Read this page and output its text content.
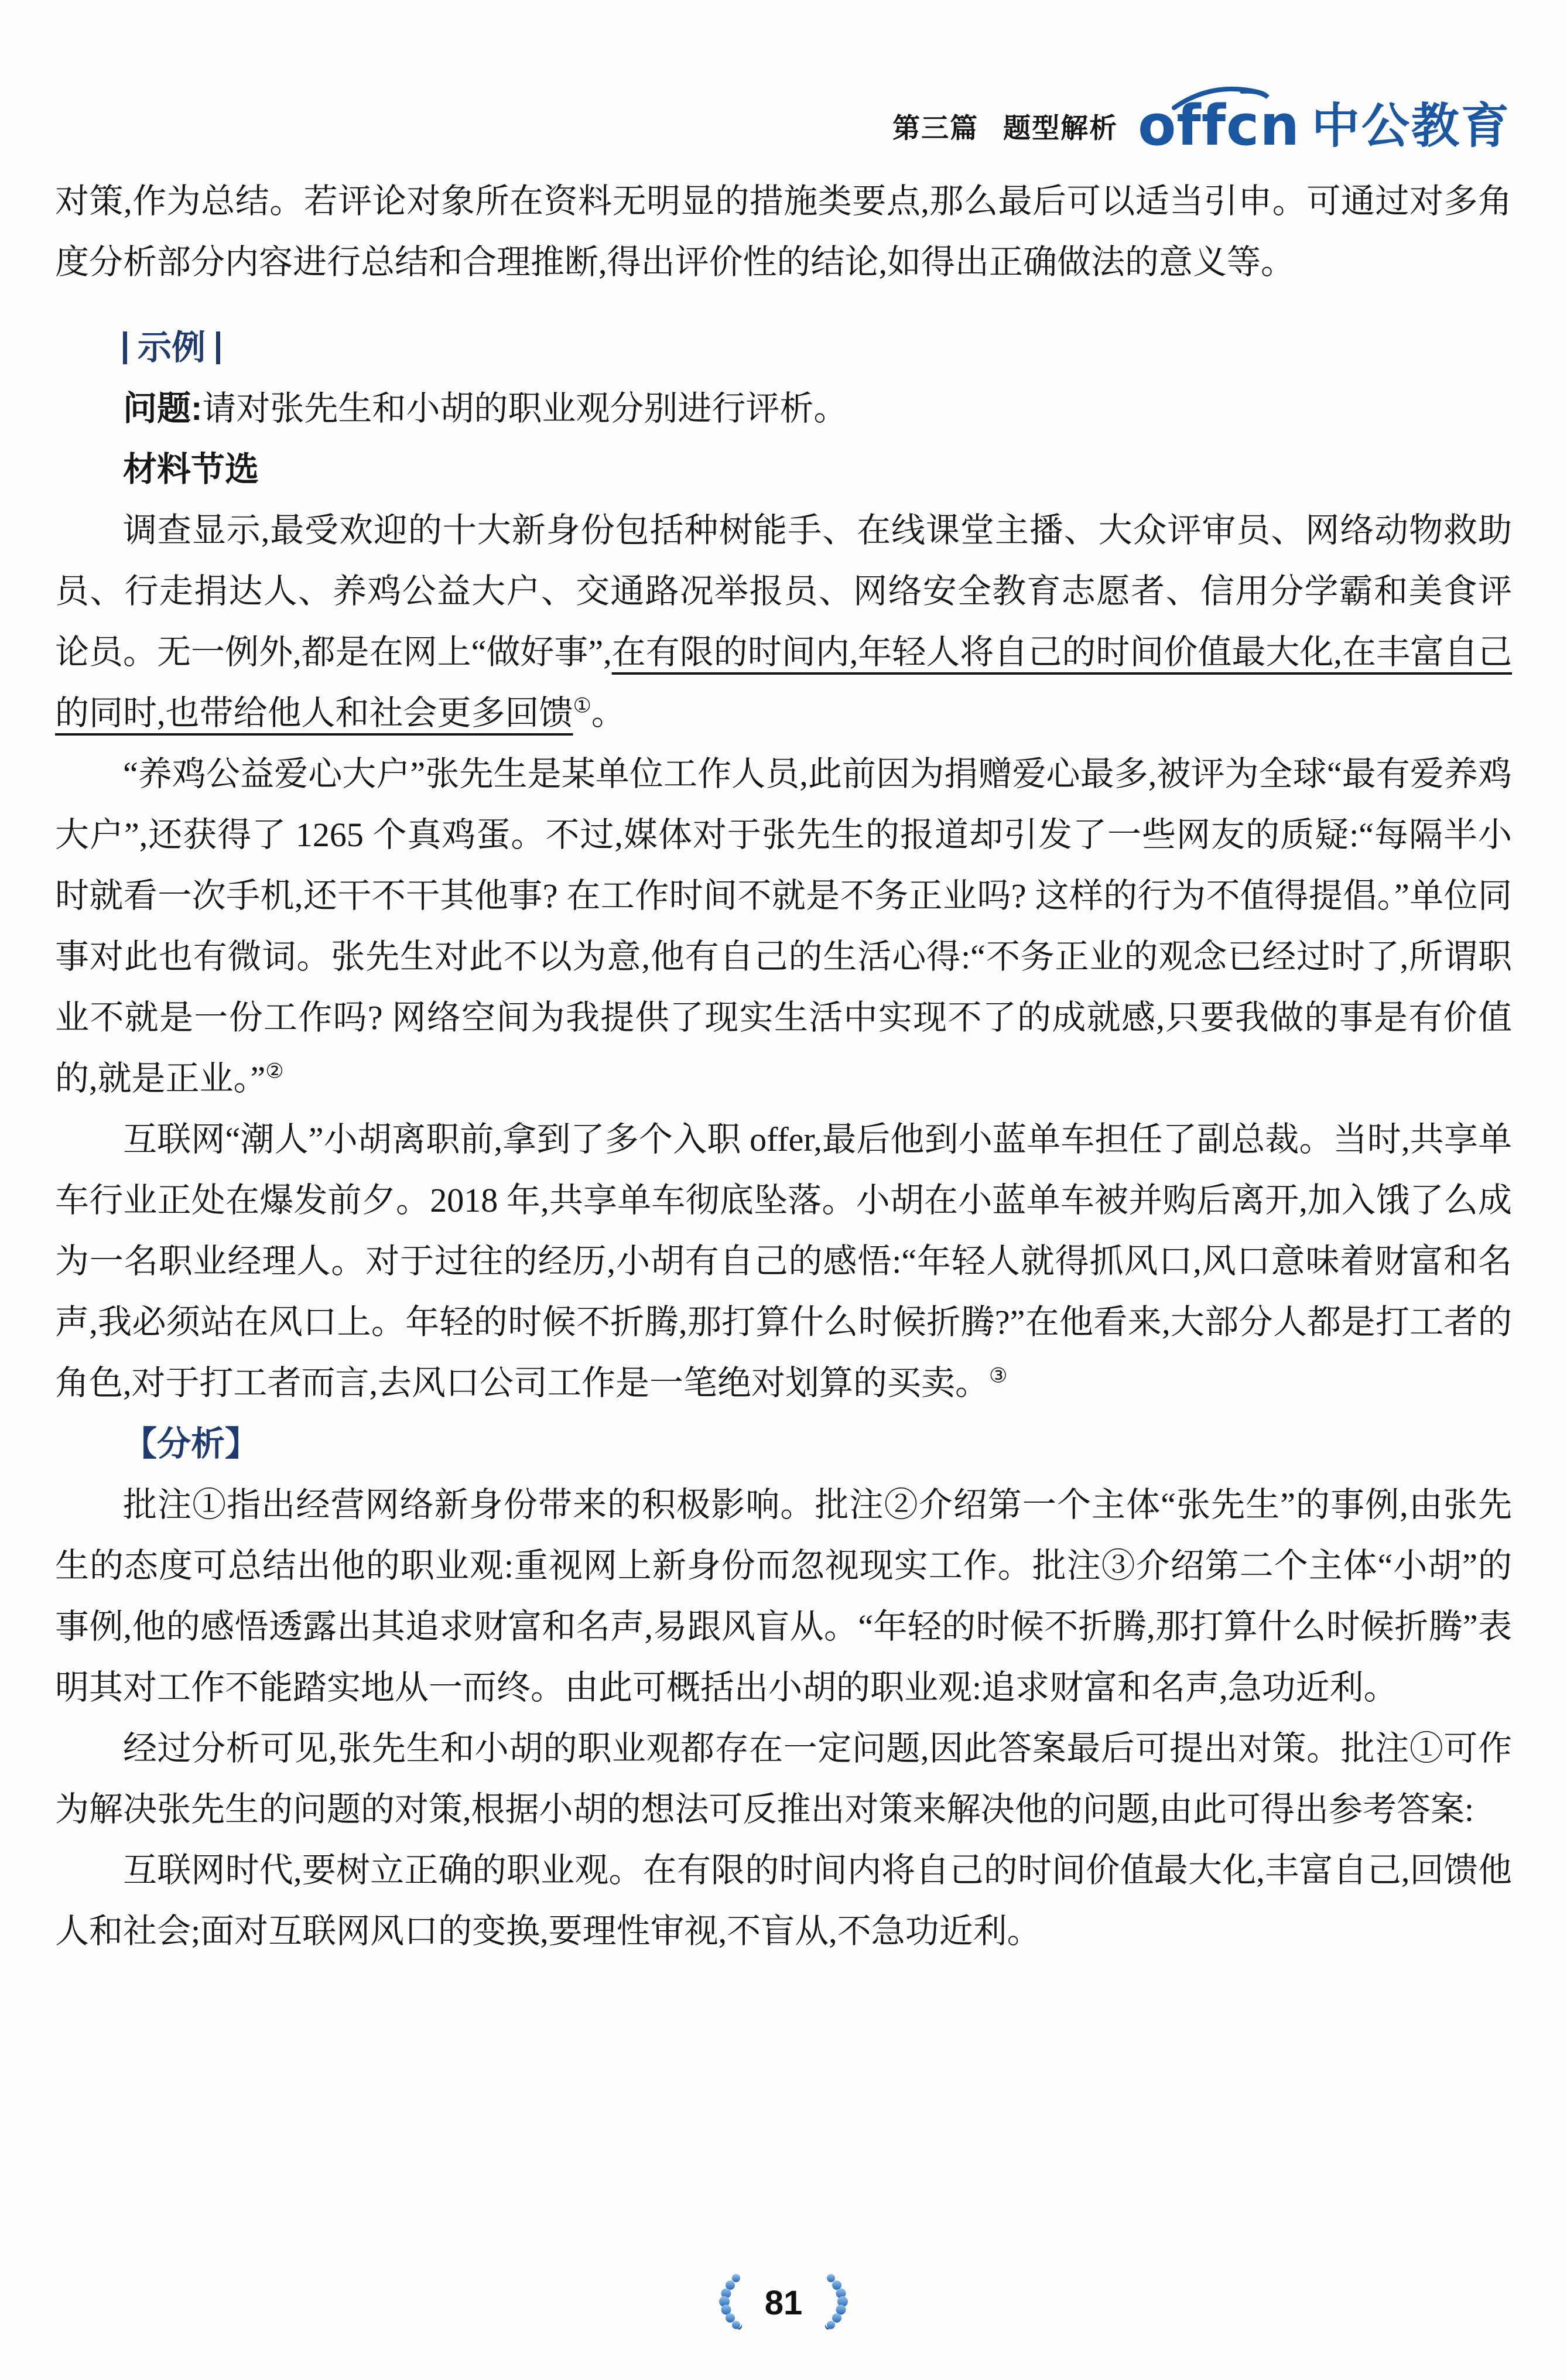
第三篇 题型解析 offcn 中公教育

对策,作为总结。若评论对象所在资料无明显的措施类要点,那么最后可以适当引申。可通过对多角度分析部分内容进行总结和合理推断,得出评价性的结论,如得出正确做法的意义等。

示例

问题:请对张先生和小胡的职业观分别进行评析。

材料节选

调查显示,最受欢迎的十大新身份包括种树能手、在线课堂主播、大众评审员、网络动物救助员、行走捐达人、养鸡公益大户、交通路况举报员、网络安全教育志愿者、信用分学霸和美食评论员。无一例外,都是在网上“做好事”,在有限的时间内,年轻人将自己的时间价值最大化,在丰富自己的同时,也带给他人和社会更多回馈①。

“养鸡公益爱心大户”张先生是某单位工作人员,此前因为捐赠爱心最多,被评为全球“最有爱养鸡大户”,还获得了 1265 个真鸡蛋。不过,媒体对于张先生的报道却引发了一些网友的质疑:“每隔半小时就看一次手机,还干不干其他事? 在工作时间不就是不务正业吗? 这样的行为不值得提倡。”单位同事对此也有微词。张先生对此不以为意,他有自己的生活心得:“不务正业的观念已经过时了,所谓职业不就是一份工作吗? 网络空间为我提供了现实生活中实现不了的成就感,只要我做的事是有价值的,就是正业。”②

互联网“潮人”小胡离职前,拿到了多个入职 offer,最后他到小蓝单车担任了副总裁。当时,共享单车行业正处在爆发前夕。2018 年,共享单车彻底坠落。小胡在小蓝单车被并购后离开,加入饿了么成为一名职业经理人。对于过往的经历,小胡有自己的感悟:“年轻人就得抓风口,风口意味着财富和名声,我必须站在风口上。年轻的时候不折腾,那打算什么时候折腾?”在他看来,大部分人都是打工者的角色,对于打工者而言,去风口公司工作是一笔绝对划算的买卖。③

【分析】

批注①指出经营网络新身份带来的积极影响。批注②介绍第一个主体“张先生”的事例,由张先生的态度可总结出他的职业观:重视网上新身份而忽视现实工作。批注③介绍第二个主体“小胡”的事例,他的感悟透露出其追求财富和名声,易跟风盲从。“年轻的时候不折腾,那打算什么时候折腾”表明其对工作不能踏实地从一而终。由此可概括出小胡的职业观:追求财富和名声,急功近利。

经过分析可见,张先生和小胡的职业观都存在一定问题,因此答案最后可提出对策。批注①可作为解决张先生的问题的对策,根据小胡的想法可反推出对策来解决他的问题,由此可得出参考答案:

互联网时代,要树立正确的职业观。在有限的时间内将自己的时间价值最大化,丰富自己,回馈他人和社会;面对互联网风口的变换,要理性审视,不盲从,不急功近利。

81
